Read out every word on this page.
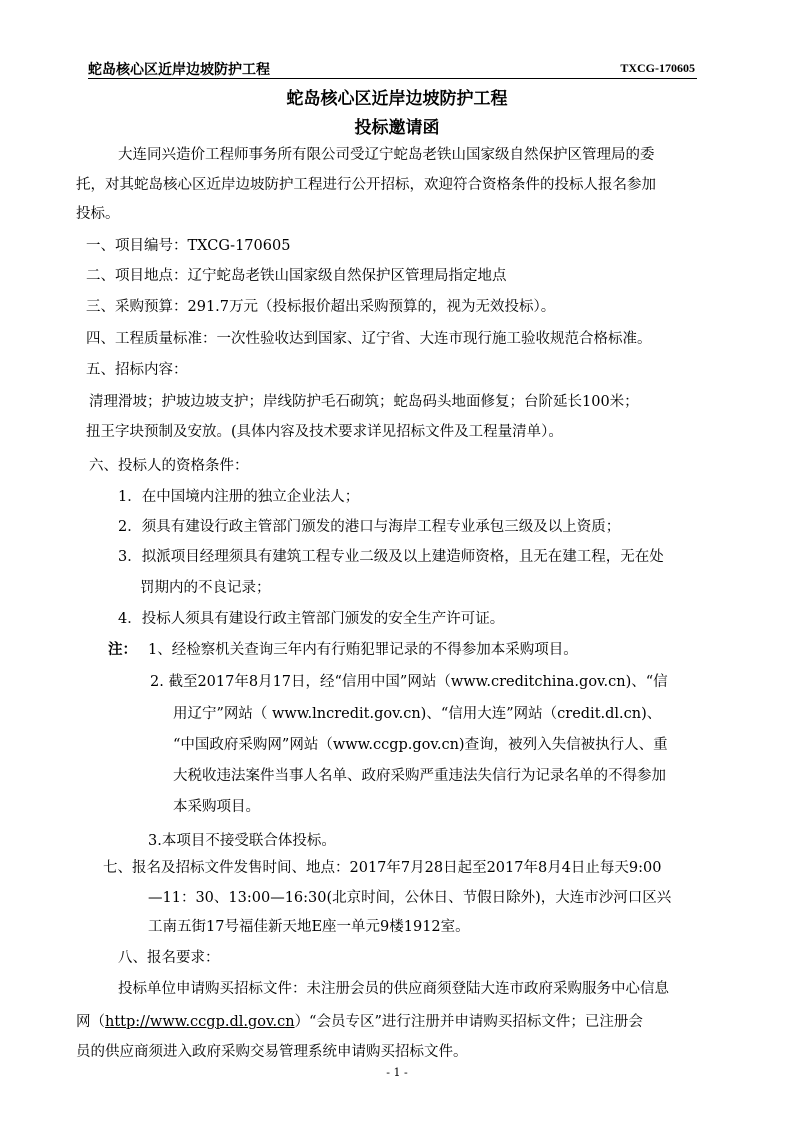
蛇岛核心区近岸边坡防护工程	TXCG-170605
蛇岛核心区近岸边坡防护工程
投标邀请函
大连同兴造价工程师事务所有限公司受辽宁蛇岛老铁山国家级自然保护区管理局的委
托，对其蛇岛核心区近岸边坡防护工程进行公开招标，欢迎符合资格条件的投标人报名参加
投标。
一、项目编号：TXCG-170605
二、项目地点：辽宁蛇岛老铁山国家级自然保护区管理局指定地点
三、采购预算：291.7万元（投标报价超出采购预算的，视为无效投标）。
四、工程质量标准：一次性验收达到国家、辽宁省、大连市现行施工验收规范合格标准。
五、招标内容：
清理滑坡；护坡边坡支护；岸线防护毛石砌筑；蛇岛码头地面修复；台阶延长100米；
扭王字块预制及安放。(具体内容及技术要求详见招标文件及工程量清单）。
六、投标人的资格条件：
1．在中国境内注册的独立企业法人；
2．须具有建设行政主管部门颁发的港口与海岸工程专业承包三级及以上资质；
3．拟派项目经理须具有建筑工程专业二级及以上建造师资格，且无在建工程，无在处
罚期内的不良记录；
4．投标人须具有建设行政主管部门颁发的安全生产许可证。
注： 1、经检察机关查询三年内有行贿犯罪记录的不得参加本采购项目。
2. 截至2017年8月17日，经“信用中国”网站（www.creditchina.gov.cn)、“信
用辽宁”网站（ www.lncredit.gov.cn)、“信用大连”网站（credit.dl.cn)、
“中国政府采购网”网站（www.ccgp.gov.cn)查询，被列入失信被执行人、重
大税收违法案件当事人名单、政府采购严重违法失信行为记录名单的不得参加
本采购项目。
3.本项目不接受联合体投标。
七、报名及招标文件发售时间、地点：2017年7月28日起至2017年8月4日止每天9:00
—11：30、13:00—16:30(北京时间，公休日、节假日除外)，大连市沙河口区兴
工南五街17号福佳新天地E座一单元9楼1912室。
八、报名要求：
投标单位申请购买招标文件：未注册会员的供应商须登陆大连市政府采购服务中心信息
网（http://www.ccgp.dl.gov.cn）“会员专区”进行注册并申请购买招标文件；已注册会
员的供应商须进入政府采购交易管理系统申请购买招标文件。
- 1 -
